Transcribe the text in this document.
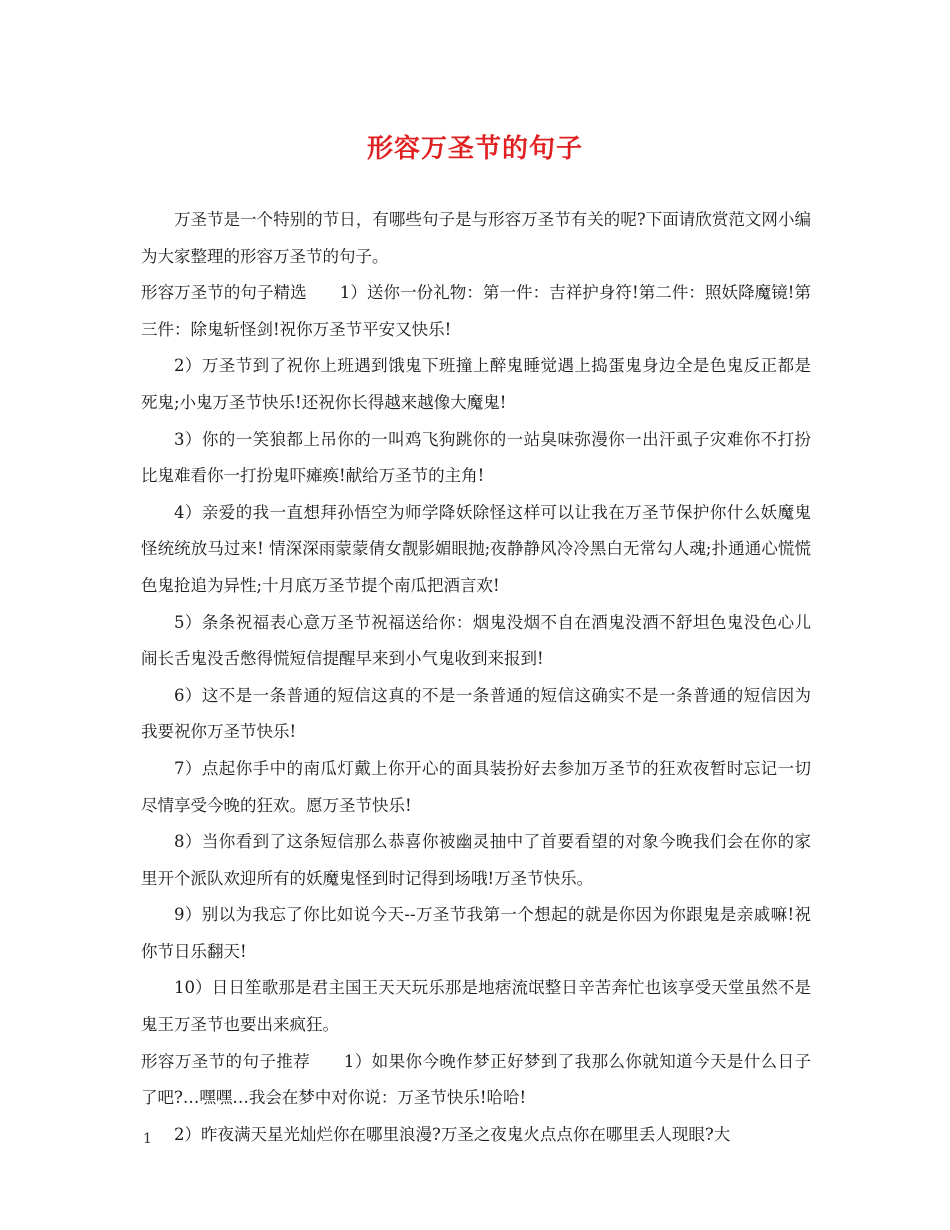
形容万圣节的句子

万圣节是一个特别的节日，有哪些句子是与形容万圣节有关的呢?下面请欣赏范文网小编为大家整理的形容万圣节的句子。

形容万圣节的句子精选　　1）送你一份礼物：第一件：吉祥护身符!第二件：照妖降魔镜!第三件：除鬼斩怪剑!祝你万圣节平安又快乐!

2）万圣节到了祝你上班遇到饿鬼下班撞上醉鬼睡觉遇上捣蛋鬼身边全是色鬼反正都是死鬼;小鬼万圣节快乐!还祝你长得越来越像大魔鬼!

3）你的一笑狼都上吊你的一叫鸡飞狗跳你的一站臭味弥漫你一出汗虱子灾难你不打扮比鬼难看你一打扮鬼吓瘫痪!献给万圣节的主角!

4）亲爱的我一直想拜孙悟空为师学降妖除怪这样可以让我在万圣节保护你什么妖魔鬼怪统统放马过来! 情深深雨蒙蒙倩女靓影媚眼抛;夜静静风冷冷黑白无常勾人魂;扑通通心慌慌色鬼抢追为异性;十月底万圣节提个南瓜把酒言欢!

5）条条祝福表心意万圣节祝福送给你：烟鬼没烟不自在酒鬼没酒不舒坦色鬼没色心儿闹长舌鬼没舌憋得慌短信提醒早来到小气鬼收到来报到!

6）这不是一条普通的短信这真的不是一条普通的短信这确实不是一条普通的短信因为我要祝你万圣节快乐!

7）点起你手中的南瓜灯戴上你开心的面具装扮好去参加万圣节的狂欢夜暂时忘记一切尽情享受今晚的狂欢。愿万圣节快乐!

8）当你看到了这条短信那么恭喜你被幽灵抽中了首要看望的对象今晚我们会在你的家里开个派队欢迎所有的妖魔鬼怪到时记得到场哦!万圣节快乐。

9）别以为我忘了你比如说今天--万圣节我第一个想起的就是你因为你跟鬼是亲戚嘛!祝你节日乐翻天!

10）日日笙歌那是君主国王天天玩乐那是地痞流氓整日辛苦奔忙也该享受天堂虽然不是鬼王万圣节也要出来疯狂。

形容万圣节的句子推荐　　1）如果你今晚作梦正好梦到了我那么你就知道今天是什么日子了吧?…嘿嘿…我会在梦中对你说：万圣节快乐!哈哈!

2）昨夜满天星光灿烂你在哪里浪漫?万圣之夜鬼火点点你在哪里丢人现眼?大

1
